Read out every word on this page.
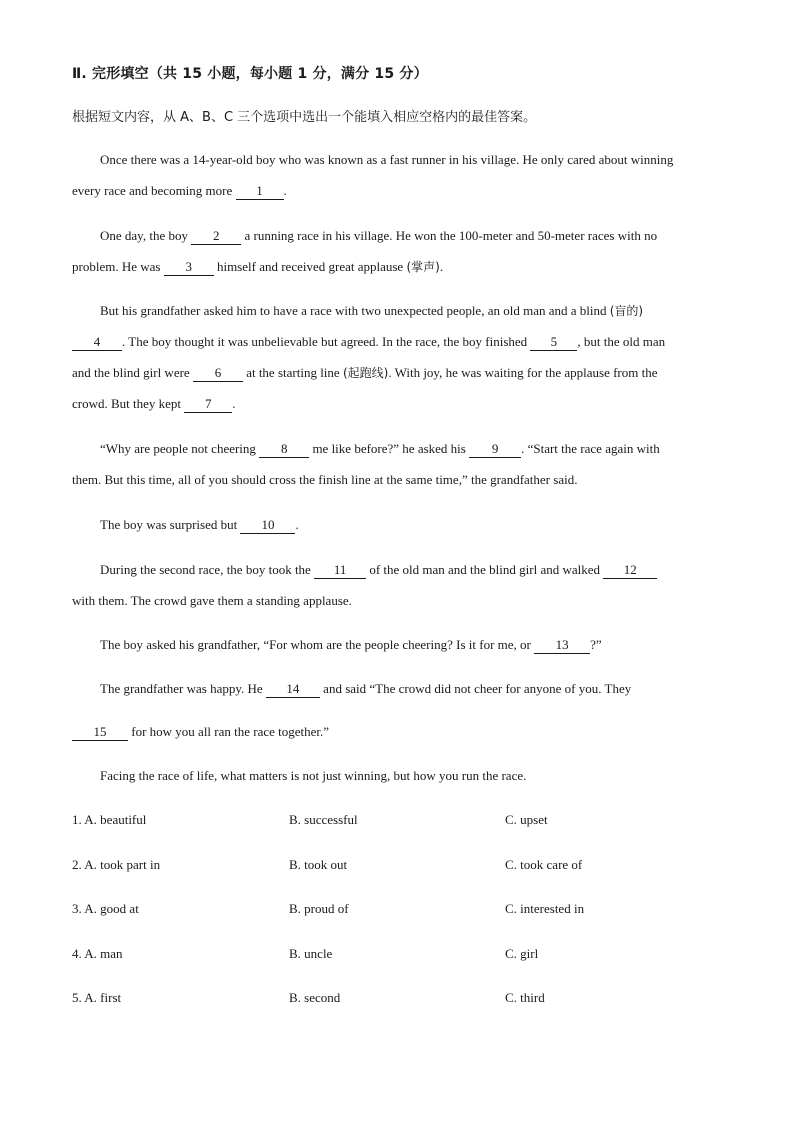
Ⅱ. 完形填空（共 15 小题，每小题 1 分，满分 15 分）
根据短文内容，从 A、B、C 三个选项中选出一个能填入相应空格内的最佳答案。
Once there was a 14-year-old boy who was known as a fast runner in his village. He only cared about winning
every race and becoming more 1 .
One day, the boy 2 a running race in his village. He won the 100-meter and 50-meter races with no
problem. He was 3 himself and received great applause (掌声).
But his grandfather asked him to have a race with two unexpected people, an old man and a blind (盲的)
4 . The boy thought it was unbelievable but agreed. In the race, the boy finished 5 , but the old man
and the blind girl were 6 at the starting line (起跑线). With joy, he was waiting for the applause from the
crowd. But they kept 7 .
“Why are people not cheering 8 me like before?” he asked his 9 . “Start the race again with
them. But this time, all of you should cross the finish line at the same time,” the grandfather said.
The boy was surprised but 10 .
During the second race, the boy took the 11 of the old man and the blind girl and walked 12
with them. The crowd gave them a standing applause.
The boy asked his grandfather, “For whom are the people cheering? Is it for me, or 13 ?”
The grandfather was happy. He 14 and said “The crowd did not cheer for anyone of you. They
15 for how you all ran the race together.”
Facing the race of life, what matters is not just winning, but how you run the race.
1. A. beautiful	B. successful	C. upset
2. A. took part in	B. took out	C. took care of
3. A. good at	B. proud of	C. interested in
4. A. man	B. uncle	C. girl
5. A. first	B. second	C. third
